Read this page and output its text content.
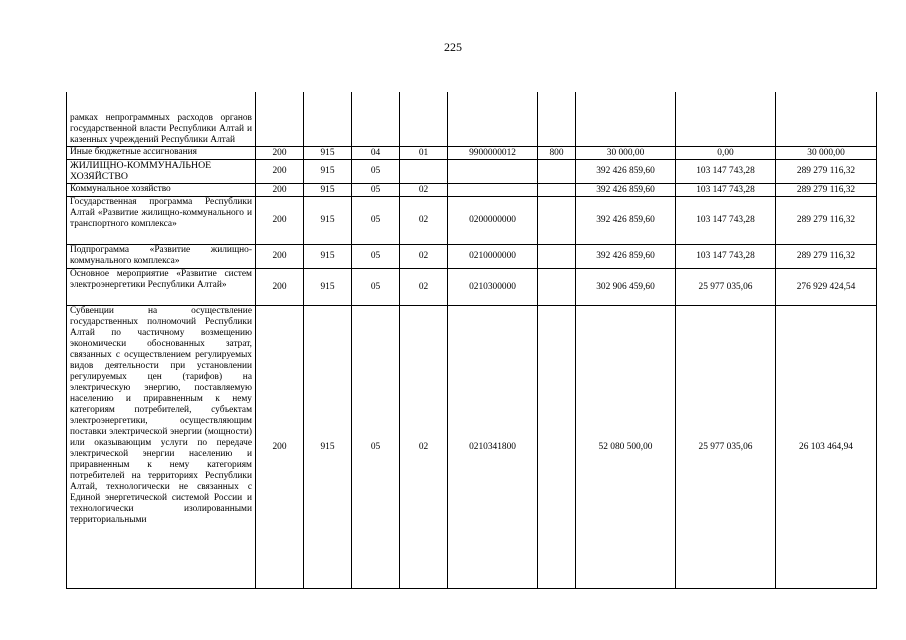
225
рамках непрограммных расходов органов государственной власти Республики Алтай и казенных учреждений Республики Алтай									
Иные бюджетные ассигнования	200	915	04	01	9900000012	800	30 000,00	0,00	30 000,00
ЖИЛИЩНО-КОММУНАЛЬНОЕ ХОЗЯЙСТВО	200	915	05				392 426 859,60	103 147 743,28	289 279 116,32
Коммунальное хозяйство	200	915	05	02			392 426 859,60	103 147 743,28	289 279 116,32
Государственная программа Республики Алтай «Развитие жилищно-коммунального и транспортного комплекса»	200	915	05	02	0200000000		392 426 859,60	103 147 743,28	289 279 116,32
Подпрограмма «Развитие жилищно-коммунального комплекса»	200	915	05	02	0210000000		392 426 859,60	103 147 743,28	289 279 116,32
Основное мероприятие «Развитие систем электроэнергетики Республики Алтай»	200	915	05	02	0210300000		302 906 459,60	25 977 035,06	276 929 424,54
Субвенции на осуществление государственных полномочий Республики Алтай по частичному возмещению экономически обоснованных затрат, связанных с осуществлением регулируемых видов деятельности при установлении регулируемых цен (тарифов) на электрическую энергию, поставляемую населению и приравненным к нему категориям потребителей, субъектам электроэнергетики, осуществляющим поставки электрической энергии (мощности) или оказывающим услуги по передаче электрической энергии населению и приравненным к нему категориям потребителей на территориях Республики Алтай, технологически не связанных с Единой энергетической системой России и технологически изолированными территориальными	200	915	05	02	0210341800		52 080 500,00	25 977 035,06	26 103 464,94
